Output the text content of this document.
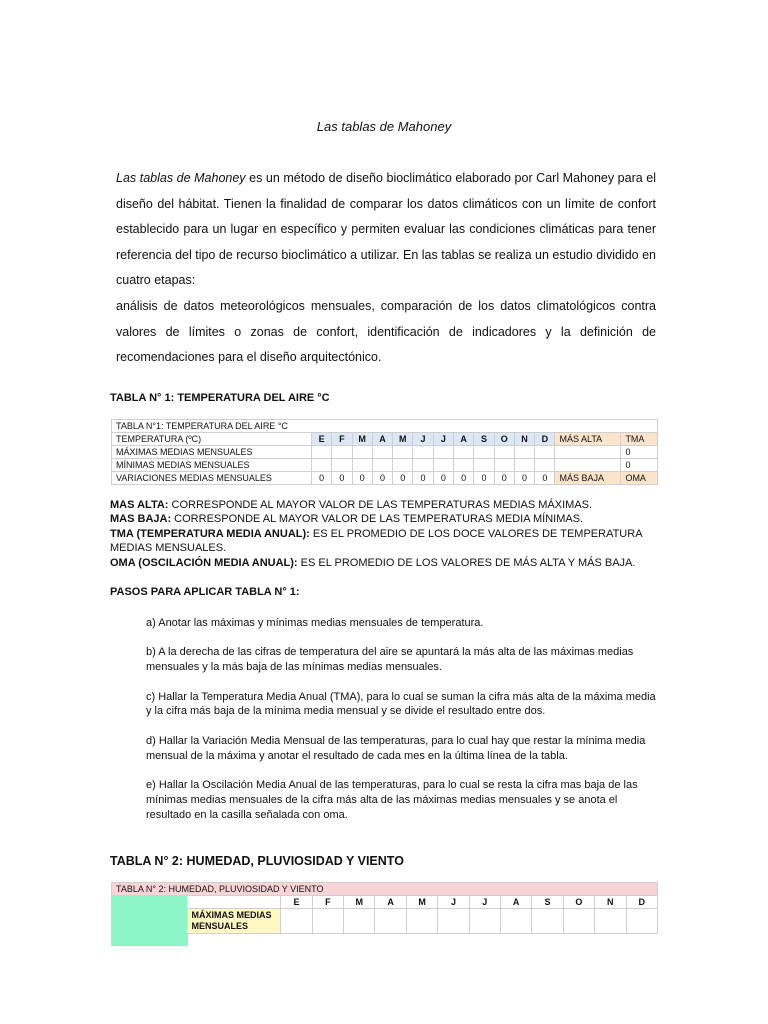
Las tablas de Mahoney

Las tablas de Mahoney es un método de diseño bioclimático elaborado por Carl Mahoney para el diseño del hábitat. Tienen la finalidad de comparar los datos climáticos con un límite de confort establecido para un lugar en específico y permiten evaluar las condiciones climáticas para tener referencia del tipo de recurso bioclimático a utilizar. En las tablas se realiza un estudio dividido en cuatro etapas:

análisis de datos meteorológicos mensuales, comparación de los datos climatológicos contra valores de límites o zonas de confort, identificación de indicadores y la definición de recomendaciones para el diseño arquitectónico.

TABLA N° 1: TEMPERATURA DEL AIRE °C
TABLA N°1: TEMPERATURA DEL AIRE °C														
TEMPERATURA (ºC)	E	F	M	A	M	J	J	A	S	O	N	D	MÁS ALTA	TMA
MÁXIMAS MEDIAS MENSUALES														0
MÍNIMAS MEDIAS MENSUALES														0
VARIACIONES MEDIAS MENSUALES	0	0	0	0	0	0	0	0	0	0	0	0	MÁS BAJA	OMA

MAS ALTA: CORRESPONDE AL MAYOR VALOR DE LAS TEMPERATURAS MEDIAS MÁXIMAS.

MAS BAJA: CORRESPONDE AL MAYOR VALOR DE LAS TEMPERATURAS MEDIA MÍNIMAS.

TMA (TEMPERATURA MEDIA ANUAL): ES EL PROMEDIO DE LOS DOCE VALORES DE TEMPERATURA MEDIAS MENSUALES.

OMA (OSCILACIÓN MEDIA ANUAL): ES EL PROMEDIO DE LOS VALORES DE MÁS ALTA Y MÁS BAJA.

PASOS PARA APLICAR TABLA N° 1:

a) Anotar las máximas y mínimas medias mensuales de temperatura.

b) A la derecha de las cifras de temperatura del aire se apuntará la más alta de las máximas medias mensuales y la más baja de las mínimas medias mensuales.

c) Hallar la Temperatura Media Anual (TMA), para lo cual se suman la cifra más alta de la máxima media y la cifra más baja de la mínima media mensual y se divide el resultado entre dos.

d) Hallar la Variación Media Mensual de las temperaturas, para lo cual hay que restar la mínima media mensual de la máxima y anotar el resultado de cada mes en la última línea de la tabla.

e) Hallar la Oscilación Media Anual de las temperaturas, para lo cual se resta la cifra mas baja de las mínimas medias mensuales de la cifra más alta de las máximas medias mensuales y se anota el resultado en la casilla señalada con oma.

TABLA N° 2: HUMEDAD, PLUVIOSIDAD Y VIENTO
TABLA N° 2: HUMEDAD, PLUVIOSIDAD Y VIENTO													
		E	F	M	A	M	J	J	A	S	O	N	D
	MÁXIMAS MEDIAS MENSUALES												
